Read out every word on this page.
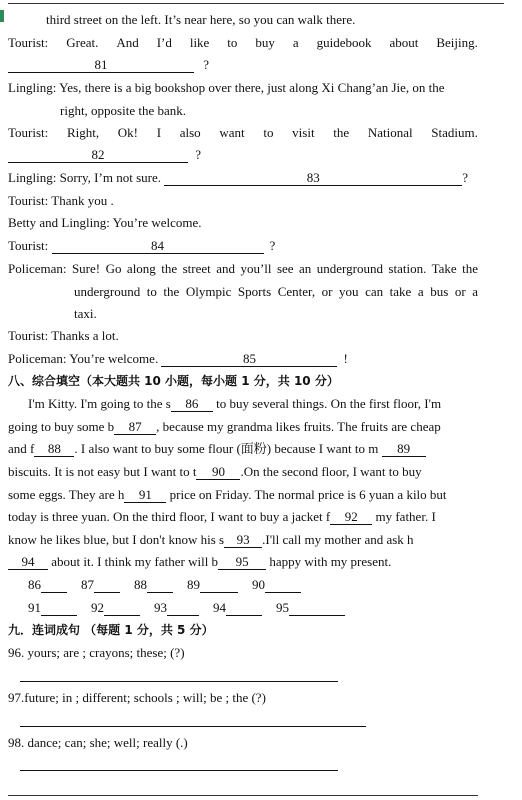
third street on the left. It’s near here, so you can walk there.
Tourist: Great. And I’d like to buy a guidebook about Beijing.
81	?
Lingling: Yes, there is a big bookshop over there, just along Xi Chang’an Jie, on the
right, opposite the bank.
Tourist: Right, Ok! I also want to visit the National Stadium.
82	?
Lingling: Sorry, I’m not sure.	83	?
Tourist: Thank you .
Betty and Lingling: You’re welcome.
Tourist:	84	?
Policeman: Sure! Go along the street and you’ll see an underground station. Take the
underground to the Olympic Sports Center, or you can take a bus or a
taxi.
Tourist: Thanks a lot.
Policeman: You’re welcome.	85	!
八、综合填空（本大题共 10 小题，每小题 1 分，共 10 分）
I'm Kitty. I'm going to the s 86 to buy several things. On the first floor, I'm
going to buy some b 87 , because my grandma likes fruits. The fruits are cheap
and f 88 . I also want to buy some flour (面粉) because I want to m 89
biscuits. It is not easy but I want to t 90 .On the second floor, I want to buy
some eggs. They are h 91 price on Friday. The normal price is 6 yuan a kilo but
today is three yuan. On the third floor, I want to buy a jacket f 92 my father. I
know he likes blue, but I don't know his s 93 .I'll call my mother and ask h
94 about it. I think my father will b 95 happy with my present.
86	87	88	89	90
91	92	93	94	95
九．连词成句 （每题 1 分，共 5 分）
96. yours; are ; crayons; these; (?)
97.future; in ; different; schools ; will; be ; the (?)
98. dance; can; she; well; really (.)
